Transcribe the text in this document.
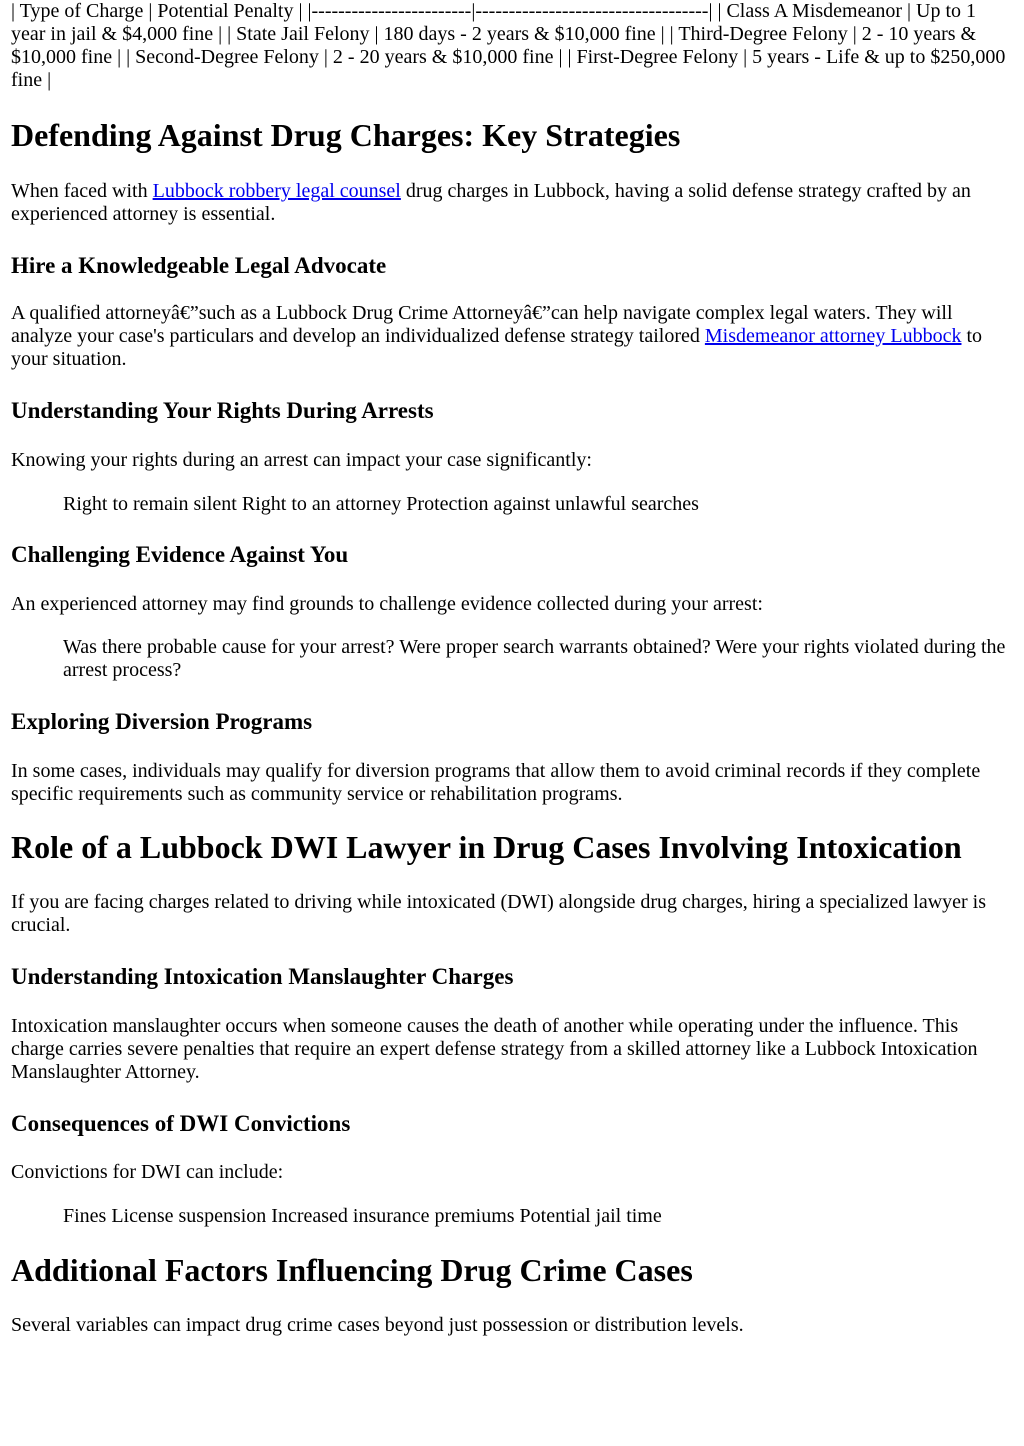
| Type of Charge | Potential Penalty | |------------------------|-----------------------------------| | Class A Misdemeanor | Up to 1 year in jail & $4,000 fine | | State Jail Felony | 180 days - 2 years & $10,000 fine | | Third-Degree Felony | 2 - 10 years & $10,000 fine | | Second-Degree Felony | 2 - 20 years & $10,000 fine | | First-Degree Felony | 5 years - Life & up to $250,000 fine |

Defending Against Drug Charges: Key Strategies

When faced with Lubbock robbery legal counsel drug charges in Lubbock, having a solid defense strategy crafted by an experienced attorney is essential.

Hire a Knowledgeable Legal Advocate

A qualified attorneyâ€”such as a Lubbock Drug Crime Attorneyâ€”can help navigate complex legal waters. They will analyze your case's particulars and develop an individualized defense strategy tailored Misdemeanor attorney Lubbock to your situation.

Understanding Your Rights During Arrests

Knowing your rights during an arrest can impact your case significantly:

Right to remain silent Right to an attorney Protection against unlawful searches

Challenging Evidence Against You

An experienced attorney may find grounds to challenge evidence collected during your arrest:

Was there probable cause for your arrest? Were proper search warrants obtained? Were your rights violated during the arrest process?

Exploring Diversion Programs

In some cases, individuals may qualify for diversion programs that allow them to avoid criminal records if they complete specific requirements such as community service or rehabilitation programs.

Role of a Lubbock DWI Lawyer in Drug Cases Involving Intoxication

If you are facing charges related to driving while intoxicated (DWI) alongside drug charges, hiring a specialized lawyer is crucial.

Understanding Intoxication Manslaughter Charges

Intoxication manslaughter occurs when someone causes the death of another while operating under the influence. This charge carries severe penalties that require an expert defense strategy from a skilled attorney like a Lubbock Intoxication Manslaughter Attorney.

Consequences of DWI Convictions

Convictions for DWI can include:

Fines License suspension Increased insurance premiums Potential jail time

Additional Factors Influencing Drug Crime Cases

Several variables can impact drug crime cases beyond just possession or distribution levels.
